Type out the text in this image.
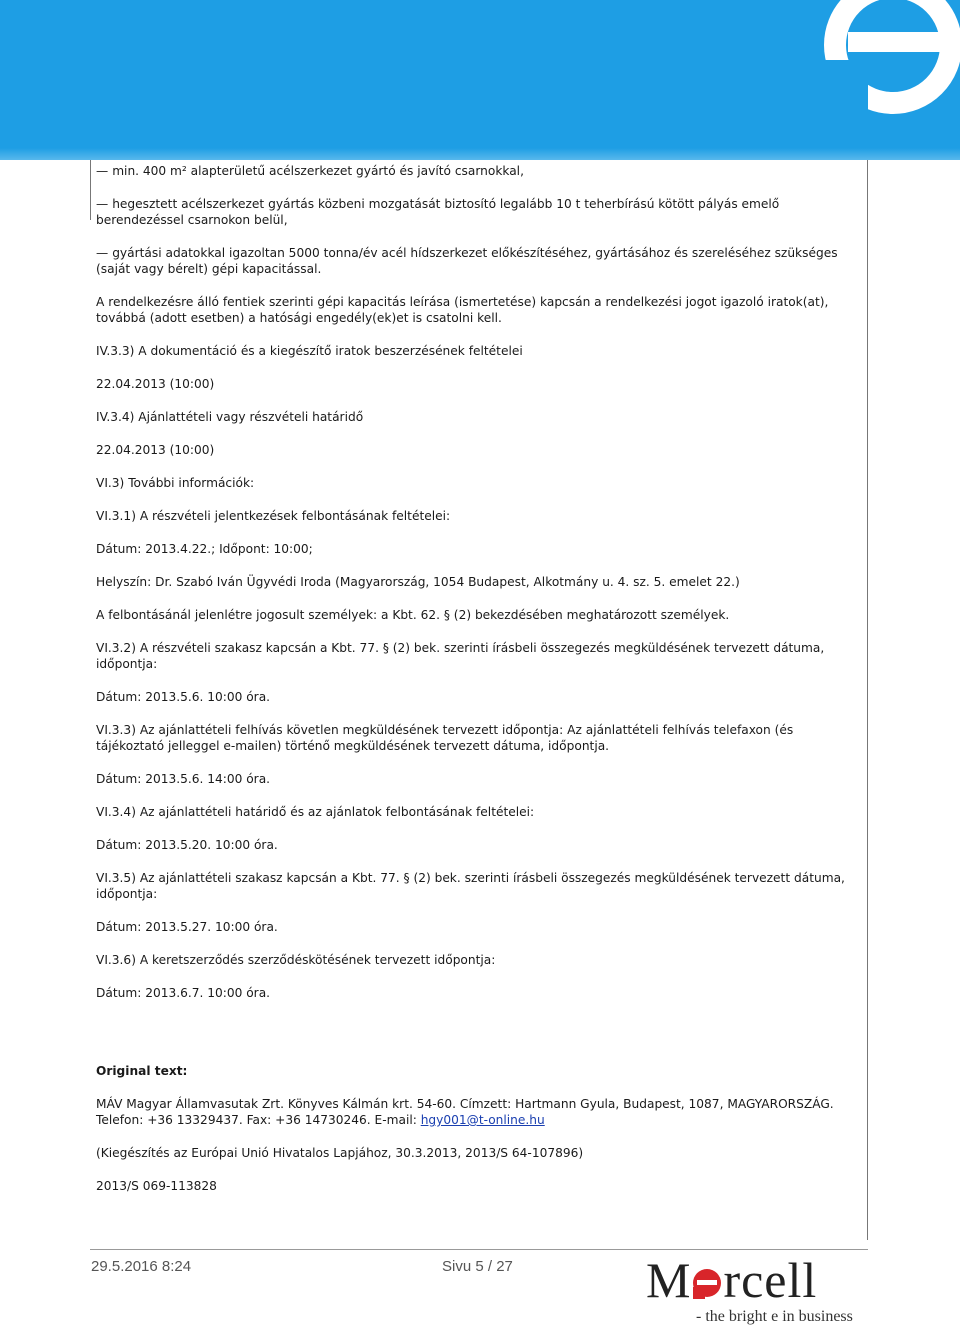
— min. 400 m² alapterületű acélszerkezet gyártó és javító csarnokkal,

— hegesztett acélszerkezet gyártás közbeni mozgatását biztosító legalább 10 t teherbírású kötött pályás emelő berendezéssel csarnokon belül,

— gyártási adatokkal igazoltan 5000 tonna/év acél hídszerkezet előkészítéséhez, gyártásához és szereléséhez szükséges (saját vagy bérelt) gépi kapacitással.

A rendelkezésre álló fentiek szerinti gépi kapacitás leírása (ismertetése) kapcsán a rendelkezési jogot igazoló iratok(at), továbbá (adott esetben) a hatósági engedély(ek)et is csatolni kell.

IV.3.3) A dokumentáció és a kiegészítő iratok beszerzésének feltételei

22.04.2013 (10:00)

IV.3.4) Ajánlattételi vagy részvételi határidő

22.04.2013 (10:00)

VI.3) További információk:

VI.3.1) A részvételi jelentkezések felbontásának feltételei:

Dátum: 2013.4.22.; Időpont: 10:00;

Helyszín: Dr. Szabó Iván Ügyvédi Iroda (Magyarország, 1054 Budapest, Alkotmány u. 4. sz. 5. emelet 22.)

A felbontásánál jelenlétre jogosult személyek: a Kbt. 62. § (2) bekezdésében meghatározott személyek.

VI.3.2) A részvételi szakasz kapcsán a Kbt. 77. § (2) bek. szerinti írásbeli összegezés megküldésének tervezett dátuma, időpontja:

Dátum: 2013.5.6. 10:00 óra.

VI.3.3) Az ajánlattételi felhívás követlen megküldésének tervezett időpontja: Az ajánlattételi felhívás telefaxon (és tájékoztató jelleggel e-mailen) történő megküldésének tervezett dátuma, időpontja.

Dátum: 2013.5.6. 14:00 óra.

VI.3.4) Az ajánlattételi határidő és az ajánlatok felbontásának feltételei:

Dátum: 2013.5.20. 10:00 óra.

VI.3.5) Az ajánlattételi szakasz kapcsán a Kbt. 77. § (2) bek. szerinti írásbeli összegezés megküldésének tervezett dátuma, időpontja:

Dátum: 2013.5.27. 10:00 óra.

VI.3.6) A keretszerződés szerződéskötésének tervezett időpontja:

Dátum: 2013.6.7. 10:00 óra.

Original text:

MÁV Magyar Államvasutak Zrt. Könyves Kálmán krt. 54-60. Címzett: Hartmann Gyula, Budapest, 1087, MAGYARORSZÁG. Telefon: +36 13329437. Fax: +36 14730246. E-mail: hgy001@t-online.hu

(Kiegészítés az Európai Unió Hivatalos Lapjához, 30.3.2013, 2013/S 64-107896)

2013/S 069-113828

29.5.2016 8:24	Sivu 5 / 27	M rcell
- the bright e in business
